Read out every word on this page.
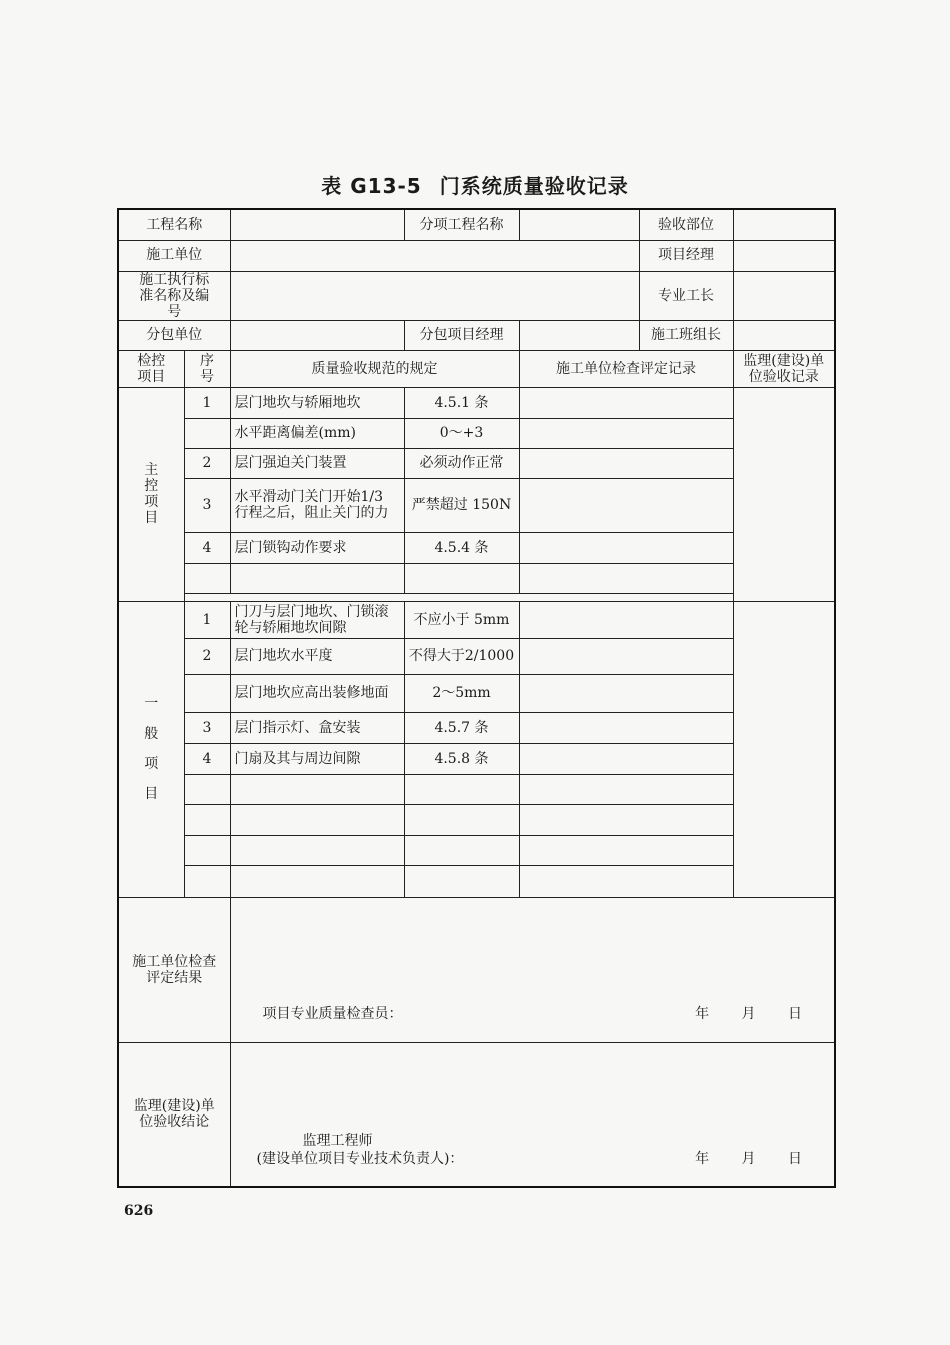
表 G13-5 门系统质量验收记录
工程名称			分项工程名称		验收部位	
施工单位					项目经理	
施工执行标准名称及编号					专业工长	
分包单位			分包项目经理		施工班组长	
检控项目	序号	质量验收规范的规定		施工单位检查评定记录		监理(建设)单位验收记录
主控项目	1	层门地坎与轿厢地坎	4.5.1 条			
		水平距离偏差(mm)	0～+3			
	2	层门强迫关门装置	必须动作正常			
	3	水平滑动门关门开始1/3 行程之后，阻止关门的力	严禁超过 150N			
	4	层门锁钩动作要求	4.5.4 条			

一
般
项
目	1	门刀与层门地坎、门锁滚轮与轿厢地坎间隙	不应小于 5mm			
	2	层门地坎水平度	不得大于2/1000			
		层门地坎应高出装修地面	2～5mm			
	3	层门指示灯、盒安装	4.5.7 条			
	4	门扇及其与周边间隙	4.5.8 条			

施工单位检查评定结果		项目专业质量检查员： 年 月 日				

监理(建设)单位验收结论		监理工程师
(建设单位项目专业技术负责人)： 年 月 日				
626
